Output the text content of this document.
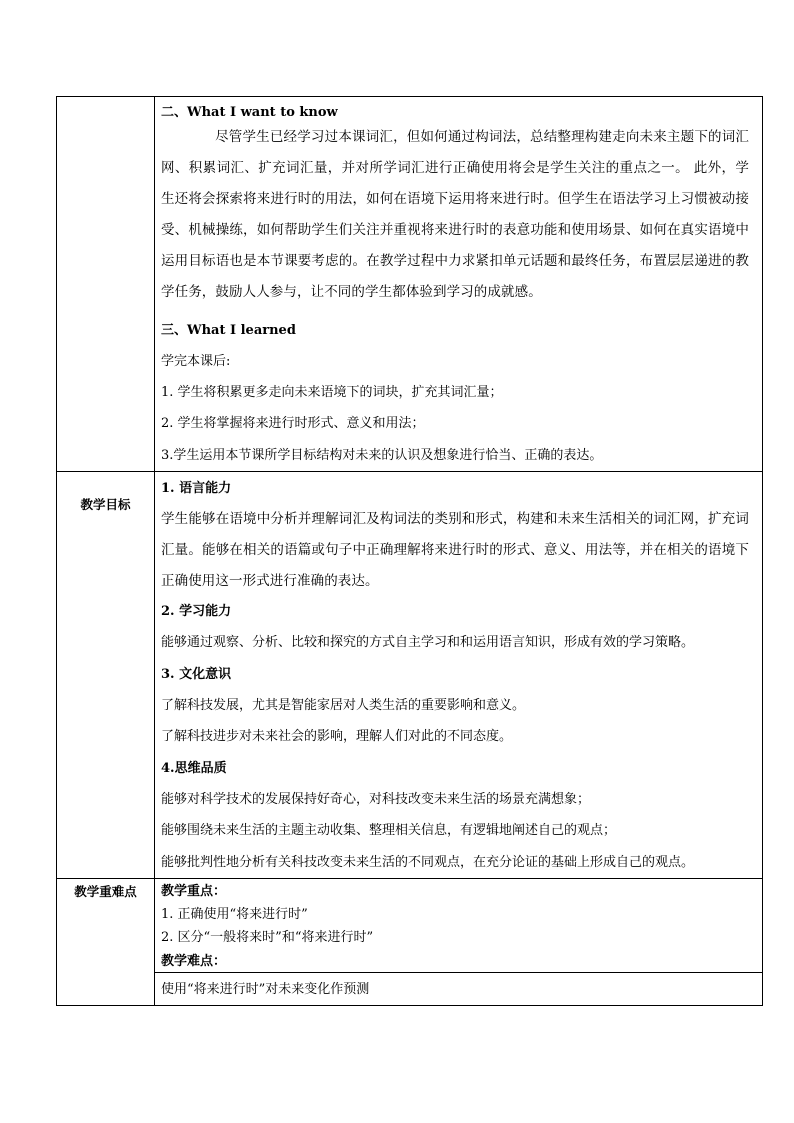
二、What I want to know
尽管学生已经学习过本课词汇，但如何通过构词法，总结整理构建走向未来主题下的词汇网、积累词汇、扩充词汇量，并对所学词汇进行正确使用将会是学生关注的重点之一。 此外，学生还将会探索将来进行时的用法，如何在语境下运用将来进行时。但学生在语法学习上习惯被动接受、机械操练，如何帮助学生们关注并重视将来进行时的表意功能和使用场景、如何在真实语境中运用目标语也是本节课要考虑的。在教学过程中力求紧扣单元话题和最终任务，布置层层递进的教学任务，鼓励人人参与，让不同的学生都体验到学习的成就感。
三、What I learned
学完本课后:
1. 学生将积累更多走向未来语境下的词块，扩充其词汇量；
2. 学生将掌握将来进行时形式、意义和用法；
3.学生运用本节课所学目标结构对未来的认识及想象进行恰当、正确的表达。
教学目标
1. 语言能力
学生能够在语境中分析并理解词汇及构词法的类别和形式，构建和未来生活相关的词汇网，扩充词汇量。能够在相关的语篇或句子中正确理解将来进行时的形式、意义、用法等，并在相关的语境下正确使用这一形式进行准确的表达。
2. 学习能力
能够通过观察、分析、比较和探究的方式自主学习和和运用语言知识，形成有效的学习策略。
3. 文化意识
了解科技发展，尤其是智能家居对人类生活的重要影响和意义。
了解科技进步对未来社会的影响，理解人们对此的不同态度。
4.思维品质
能够对科学技术的发展保持好奇心，对科技改变未来生活的场景充满想象；
能够围绕未来生活的主题主动收集、整理相关信息，有逻辑地阐述自己的观点；
能够批判性地分析有关科技改变未来生活的不同观点，在充分论证的基础上形成自己的观点。
教学重难点	教学重点：
1. 正确使用“将来进行时”
2. 区分“一般将来时”和“将来进行时”
教学难点：
使用“将来进行时”对未来变化作预测
